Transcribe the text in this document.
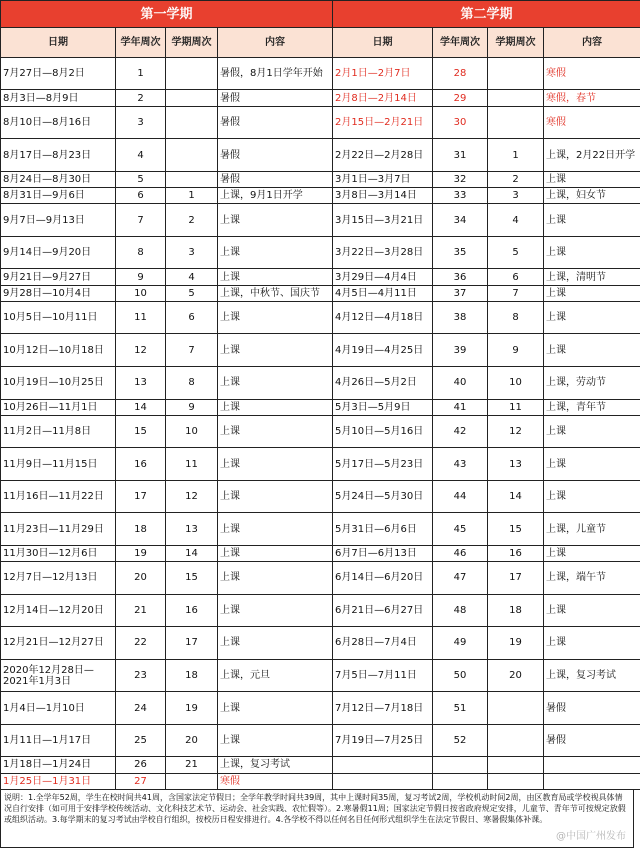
第一学期				第二学期			
日期	学年周次	学期周次	内容	日期	学年周次	学期周次	内容
7月27日—8月2日	1		暑假，8月1日学年开始	2月1日—2月7日	28		寒假
8月3日—8月9日	2		暑假	2月8日—2月14日	29		寒假，春节
8月10日—8月16日	3		暑假	2月15日—2月21日	30		寒假
8月17日—8月23日	4		暑假	2月22日—2月28日	31	1	上课，2月22日开学
8月24日—8月30日	5		暑假	3月1日—3月7日	32	2	上课
8月31日—9月6日	6	1	上课，9月1日开学	3月8日—3月14日	33	3	上课，妇女节
9月7日—9月13日	7	2	上课	3月15日—3月21日	34	4	上课
9月14日—9月20日	8	3	上课	3月22日—3月28日	35	5	上课
9月21日—9月27日	9	4	上课	3月29日—4月4日	36	6	上课，清明节
9月28日—10月4日	10	5	上课，中秋节、国庆节	4月5日—4月11日	37	7	上课
10月5日—10月11日	11	6	上课	4月12日—4月18日	38	8	上课
10月12日—10月18日	12	7	上课	4月19日—4月25日	39	9	上课
10月19日—10月25日	13	8	上课	4月26日—5月2日	40	10	上课，劳动节
10月26日—11月1日	14	9	上课	5月3日—5月9日	41	11	上课，青年节
11月2日—11月8日	15	10	上课	5月10日—5月16日	42	12	上课
11月9日—11月15日	16	11	上课	5月17日—5月23日	43	13	上课
11月16日—11月22日	17	12	上课	5月24日—5月30日	44	14	上课
11月23日—11月29日	18	13	上课	5月31日—6月6日	45	15	上课，儿童节
11月30日—12月6日	19	14	上课	6月7日—6月13日	46	16	上课
12月7日—12月13日	20	15	上课	6月14日—6月20日	47	17	上课，端午节
12月14日—12月20日	21	16	上课	6月21日—6月27日	48	18	上课
12月21日—12月27日	22	17	上课	6月28日—7月4日	49	19	上课
2020年12月28日—2021年1月3日	23	18	上课，元旦	7月5日—7月11日	50	20	上课，复习考试
1月4日—1月10日	24	19	上课	7月12日—7月18日	51		暑假
1月11日—1月17日	25	20	上课	7月19日—7月25日	52		暑假
1月18日—1月24日	26	21	上课，复习考试				
1月25日—1月31日	27		寒假				
说明：1.全学年52周，学生在校时间共41周，含国家法定节假日；全学年教学时间共39周，其中上课时间35周，复习考试2周，学校机动时间2周，由区教育局或学校视具体情况自行安排（如可用于安排学校传统活动、文化科技艺术节、运动会、社会实践、农忙假等）。2.寒暑假11周；国家法定节假日按省政府规定安排，儿童节、青年节可按规定放假或组织活动。3.每学期末的复习考试由学校自行组织，按校历日程安排进行。4.各学校不得以任何名目任何形式组织学生在法定节假日、寒暑假集体补课。
@中国广州发布
